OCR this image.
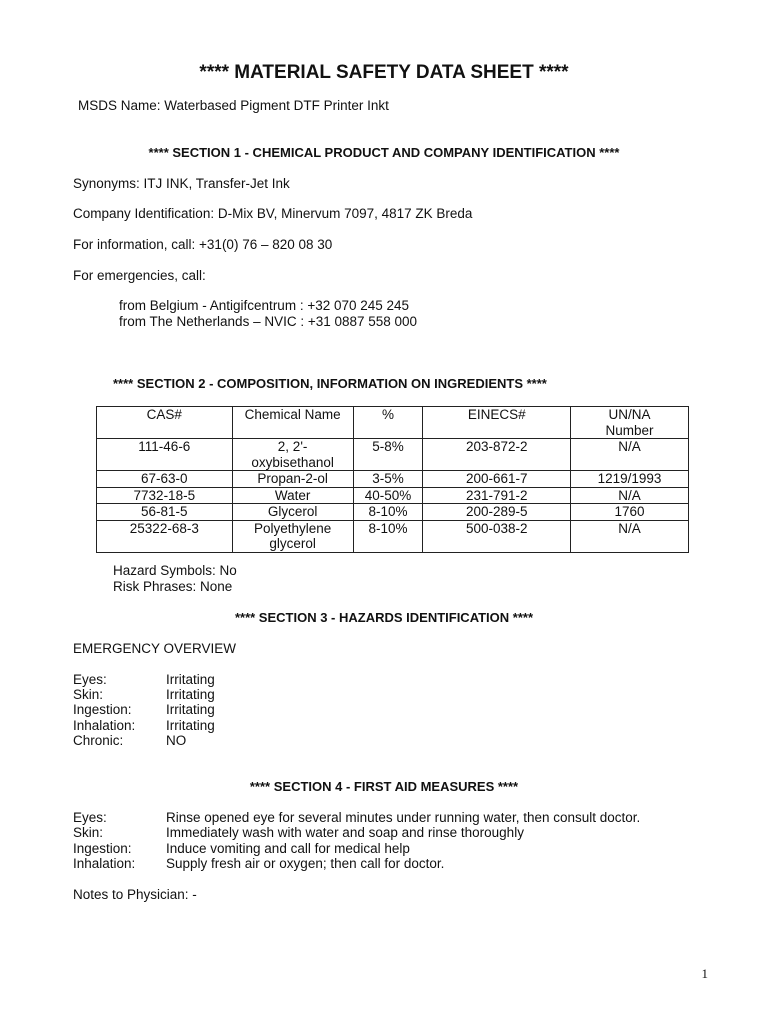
**** MATERIAL SAFETY DATA SHEET ****
MSDS Name: Waterbased Pigment DTF Printer Inkt
**** SECTION 1 - CHEMICAL PRODUCT AND COMPANY IDENTIFICATION ****
Synonyms: ITJ INK, Transfer-Jet Ink
Company Identification: D-Mix BV, Minervum 7097, 4817 ZK Breda
For information, call: +31(0) 76 – 820 08 30
For emergencies, call:
from Belgium - Antigifcentrum : +32 070 245 245
from The Netherlands – NVIC : +31 0887 558 000
**** SECTION 2 - COMPOSITION, INFORMATION ON INGREDIENTS ****
CAS#	Chemical Name	%	EINECS#	UN/NA Number
111-46-6	2, 2'-oxybisethanol	5-8%	203-872-2	N/A
67-63-0	Propan-2-ol	3-5%	200-661-7	1219/1993
7732-18-5	Water	40-50%	231-791-2	N/A
56-81-5	Glycerol	8-10%	200-289-5	1760
25322-68-3	Polyethylene glycerol	8-10%	500-038-2	N/A
Hazard Symbols: No
Risk Phrases: None
**** SECTION 3 - HAZARDS IDENTIFICATION ****
EMERGENCY OVERVIEW
Eyes:	Irritating
Skin:	Irritating
Ingestion:	Irritating
Inhalation: Irritating
Chronic:	NO
**** SECTION 4 - FIRST AID MEASURES ****
Eyes:	Rinse opened eye for several minutes under running water, then consult doctor.
Skin:	Immediately wash with water and soap and rinse thoroughly
Ingestion:	Induce vomiting and call for medical help
Inhalation: Supply fresh air or oxygen; then call for doctor.
Notes to Physician: -
1
